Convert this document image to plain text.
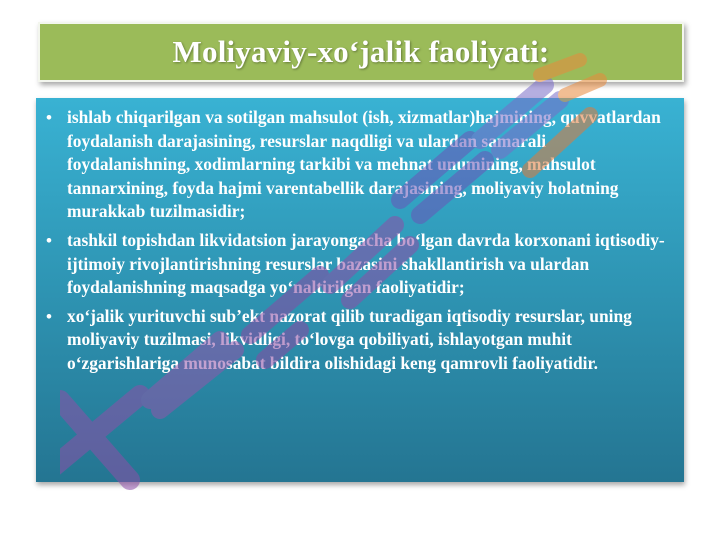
Moliyaviy-xo‘jalik faoliyati:
• ishlab chiqarilgan va sotilgan mahsulot (ish, xizmatlar)hajmining, quvvatlardan foydalanish darajasining, resurslar naqdligi va ulardan samarali foydalanishning, xodimlarning tarkibi va mehnat unumining, mahsulot tannarxining, foyda hajmi varentabellik darajasining, moliyaviy holatning murakkab tuzilmasidir;
• tashkil topishdan likvidatsion jarayongacha bo‘lgan davrda korxonani iqtisodiy-ijtimoiy rivojlantirishning resurslar bazasini shakllantirish va ulardan foydalanishning maqsadga yo‘naltirilgan faoliyatidir;
• xo‘jalik yurituvchi sub’ekt nazorat qilib turadigan iqtisodiy resurslar, uning moliyaviy tuzilmasi, likvidligi, to‘lovga qobiliyati, ishlayotgan muhit o‘zgarishlariga munosabat bildira olishidagi keng qamrovli faoliyatidir.
